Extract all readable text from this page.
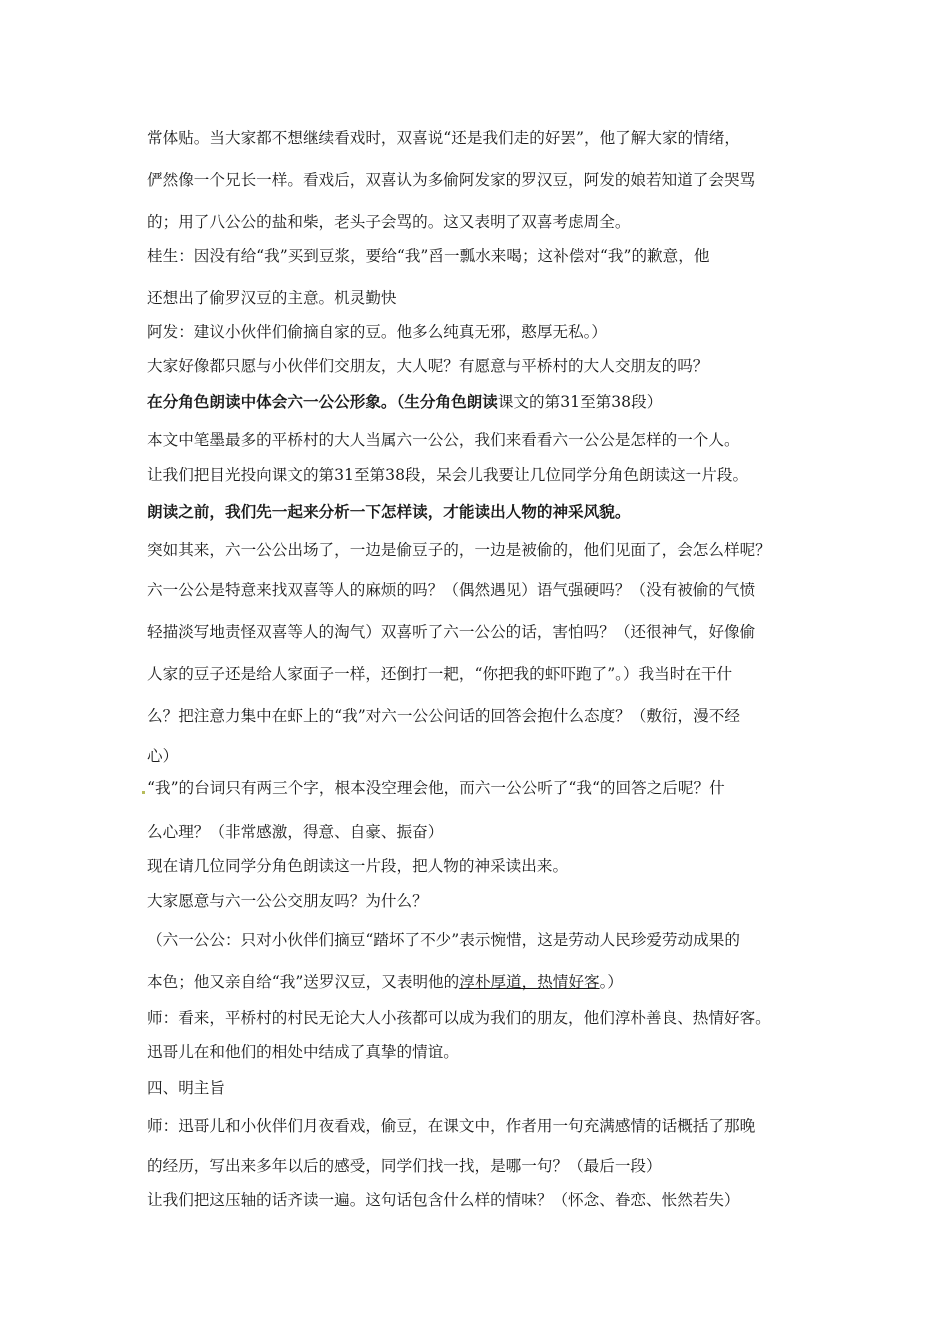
常体贴。当大家都不想继续看戏时，双喜说“还是我们走的好罢”，他了解大家的情绪，

俨然像一个兄长一样。看戏后，双喜认为多偷阿发家的罗汉豆，阿发的娘若知道了会哭骂

的；用了八公公的盐和柴，老头子会骂的。这又表明了双喜考虑周全。

桂生：因没有给“我”买到豆浆，要给“我”舀一瓢水来喝；这补偿对“我”的歉意，他

还想出了偷罗汉豆的主意。机灵勤快

阿发：建议小伙伴们偷摘自家的豆。他多么纯真无邪，憨厚无私。）

大家好像都只愿与小伙伴们交朋友，大人呢？有愿意与平桥村的大人交朋友的吗？

在分角色朗读中体会六一公公形象。（生分角色朗读课文的第31至第38段）

本文中笔墨最多的平桥村的大人当属六一公公，我们来看看六一公公是怎样的一个人。

让我们把目光投向课文的第31至第38段，呆会儿我要让几位同学分角色朗读这一片段。

朗读之前，我们先一起来分析一下怎样读，才能读出人物的神采风貌。

突如其来，六一公公出场了，一边是偷豆子的，一边是被偷的，他们见面了，会怎么样呢？

六一公公是特意来找双喜等人的麻烦的吗？（偶然遇见）语气强硬吗？（没有被偷的气愤

轻描淡写地责怪双喜等人的淘气）双喜听了六一公公的话，害怕吗？（还很神气，好像偷

人家的豆子还是给人家面子一样，还倒打一耙，“你把我的虾吓跑了”。）我当时在干什

么？把注意力集中在虾上的“我”对六一公公问话的回答会抱什么态度？（敷衍，漫不经

心）

“我”的台词只有两三个字，根本没空理会他，而六一公公听了“我“的回答之后呢？什

么心理？（非常感激，得意、自豪、振奋）

现在请几位同学分角色朗读这一片段，把人物的神采读出来。

大家愿意与六一公公交朋友吗？为什么？

（六一公公：只对小伙伴们摘豆“踏坏了不少”表示惋惜，这是劳动人民珍爱劳动成果的

本色；他又亲自给“我”送罗汉豆，又表明他的淳朴厚道，热情好客。）

师：看来，平桥村的村民无论大人小孩都可以成为我们的朋友，他们淳朴善良、热情好客。

迅哥儿在和他们的相处中结成了真挚的情谊。

四、明主旨

师：迅哥儿和小伙伴们月夜看戏，偷豆，在课文中，作者用一句充满感情的话概括了那晚

的经历，写出来多年以后的感受，同学们找一找，是哪一句？（最后一段）

让我们把这压轴的话齐读一遍。这句话包含什么样的情味？（怀念、眷恋、怅然若失）
